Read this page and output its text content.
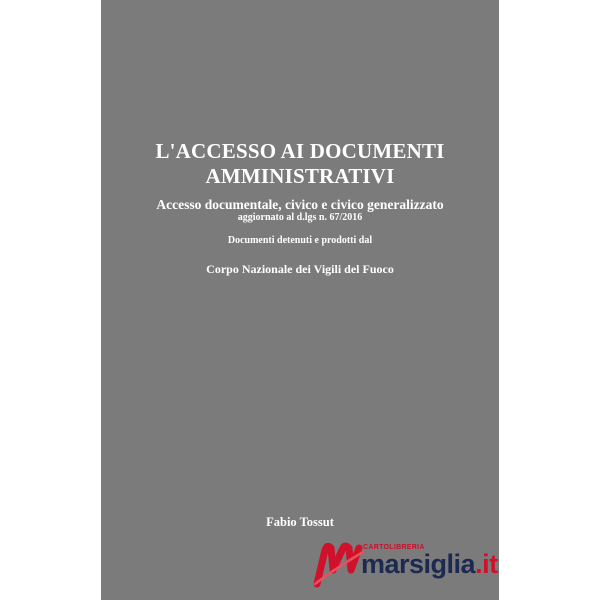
L'ACCESSO AI DOCUMENTI
AMMINISTRATIVI
Accesso documentale, civico e civico generalizzato
aggiornato al d.lgs n. 67/2016
Documenti detenuti e prodotti dal
Corpo Nazionale dei Vigili del Fuoco
Fabio Tossut
CARTOLIBRERIA
marsiglia.it
